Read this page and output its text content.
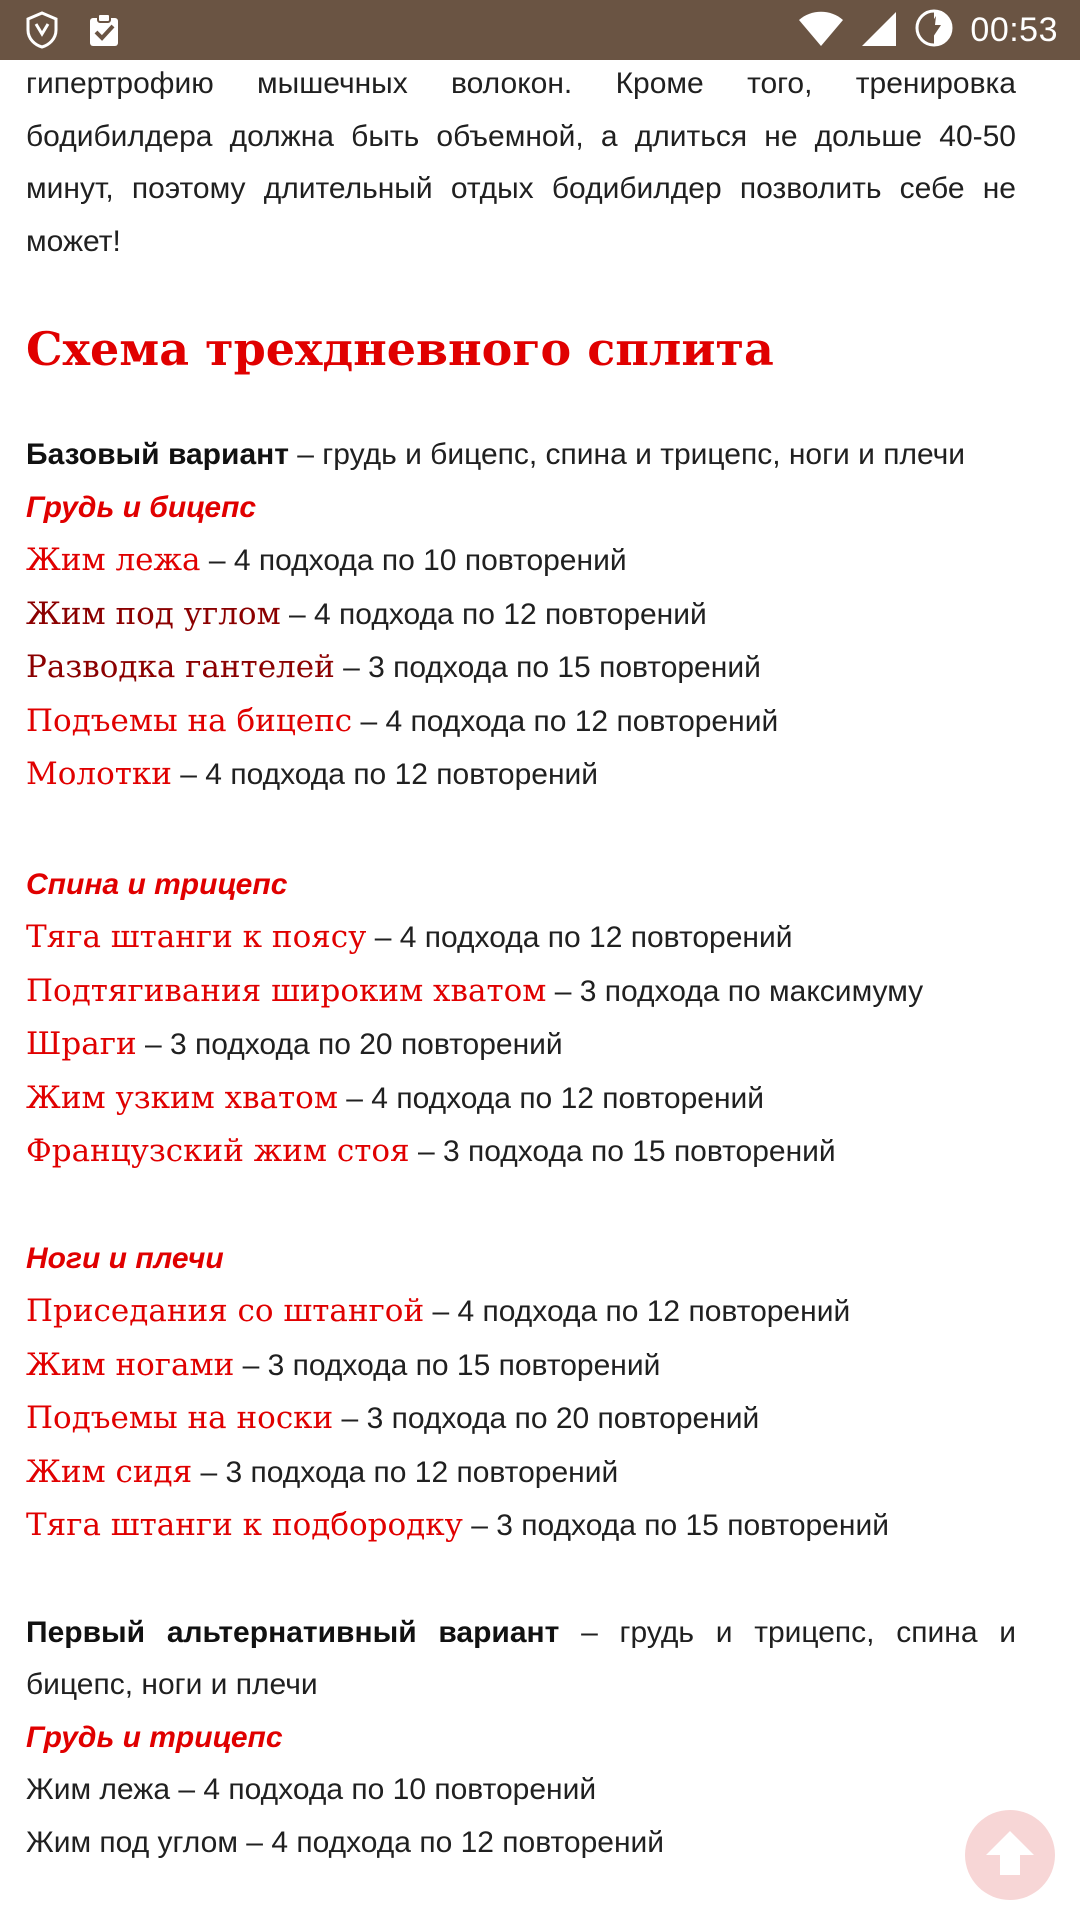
00:53

гипертрофию мышечных волокон. Кроме того, тренировка бодибилдера должна быть объемной, а длиться не дольше 40-50 минут, поэтому длительный отдых бодибилдер позволить себе не может!

Схема трехдневного сплита

Базовый вариант – грудь и бицепс, спина и трицепс, ноги и плечи

Грудь и бицепс

Жим лежа – 4 подхода по 10 повторений

Жим под углом – 4 подхода по 12 повторений

Разводка гантелей – 3 подхода по 15 повторений

Подъемы на бицепс – 4 подхода по 12 повторений

Молотки – 4 подхода по 12 повторений

Спина и трицепс

Тяга штанги к поясу – 4 подхода по 12 повторений

Подтягивания широким хватом – 3 подхода по максимуму

Шраги – 3 подхода по 20 повторений

Жим узким хватом – 4 подхода по 12 повторений

Французский жим стоя – 3 подхода по 15 повторений

Ноги и плечи

Приседания со штангой – 4 подхода по 12 повторений

Жим ногами – 3 подхода по 15 повторений

Подъемы на носки – 3 подхода по 20 повторений

Жим сидя – 3 подхода по 12 повторений

Тяга штанги к подбородку – 3 подхода по 15 повторений

Первый альтернативный вариант – грудь и трицепс, спина и бицепс, ноги и плечи

Грудь и трицепс

Жим лежа – 4 подхода по 10 повторений

Жим под углом – 4 подхода по 12 повторений
